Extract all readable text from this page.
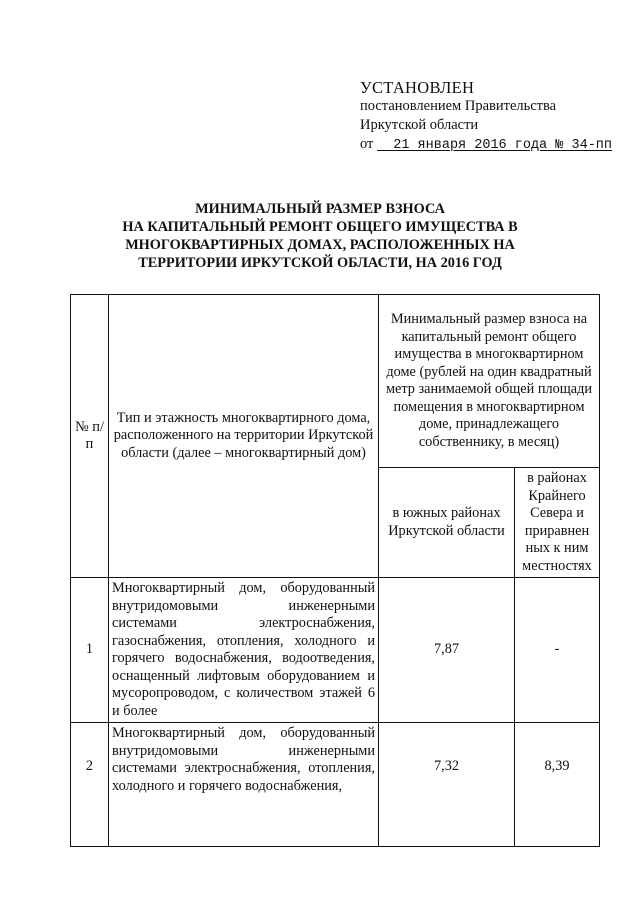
УСТАНОВЛЕН
постановлением Правительства
Иркутской области
от 21 января 2016 года № 34-пп
МИНИМАЛЬНЫЙ РАЗМЕР ВЗНОСА
НА КАПИТАЛЬНЫЙ РЕМОНТ ОБЩЕГО ИМУЩЕСТВА В
МНОГОКВАРТИРНЫХ ДОМАХ, РАСПОЛОЖЕННЫХ НА
ТЕРРИТОРИИ ИРКУТСКОЙ ОБЛАСТИ, НА 2016 ГОД
№ п/п	Тип и этажность многоквартирного дома, расположенного на территории Иркутской области (далее – многоквартирный дом)	Минимальный размер взноса на капитальный ремонт общего имущества в многоквартирном доме (рублей на один квадратный метр занимаемой общей площади помещения в многоквартирном доме, принадлежащего собственнику, в месяц)	
		в южных районах Иркутской области	в районах Крайнего Севера и приравнен ных к ним местностях
1	Многоквартирный дом, оборудованный внутридомовыми инженерными системами электроснабжения, газоснабжения, отопления, холодного и горячего водоснабжения, водоотведения, оснащенный лифтовым оборудованием и мусоропроводом, с количеством этажей 6 и более	7,87	-
2	Многоквартирный дом, оборудованный внутридомовыми инженерными системами электроснабжения, отопления, холодного и горячего водоснабжения,	7,32	8,39
